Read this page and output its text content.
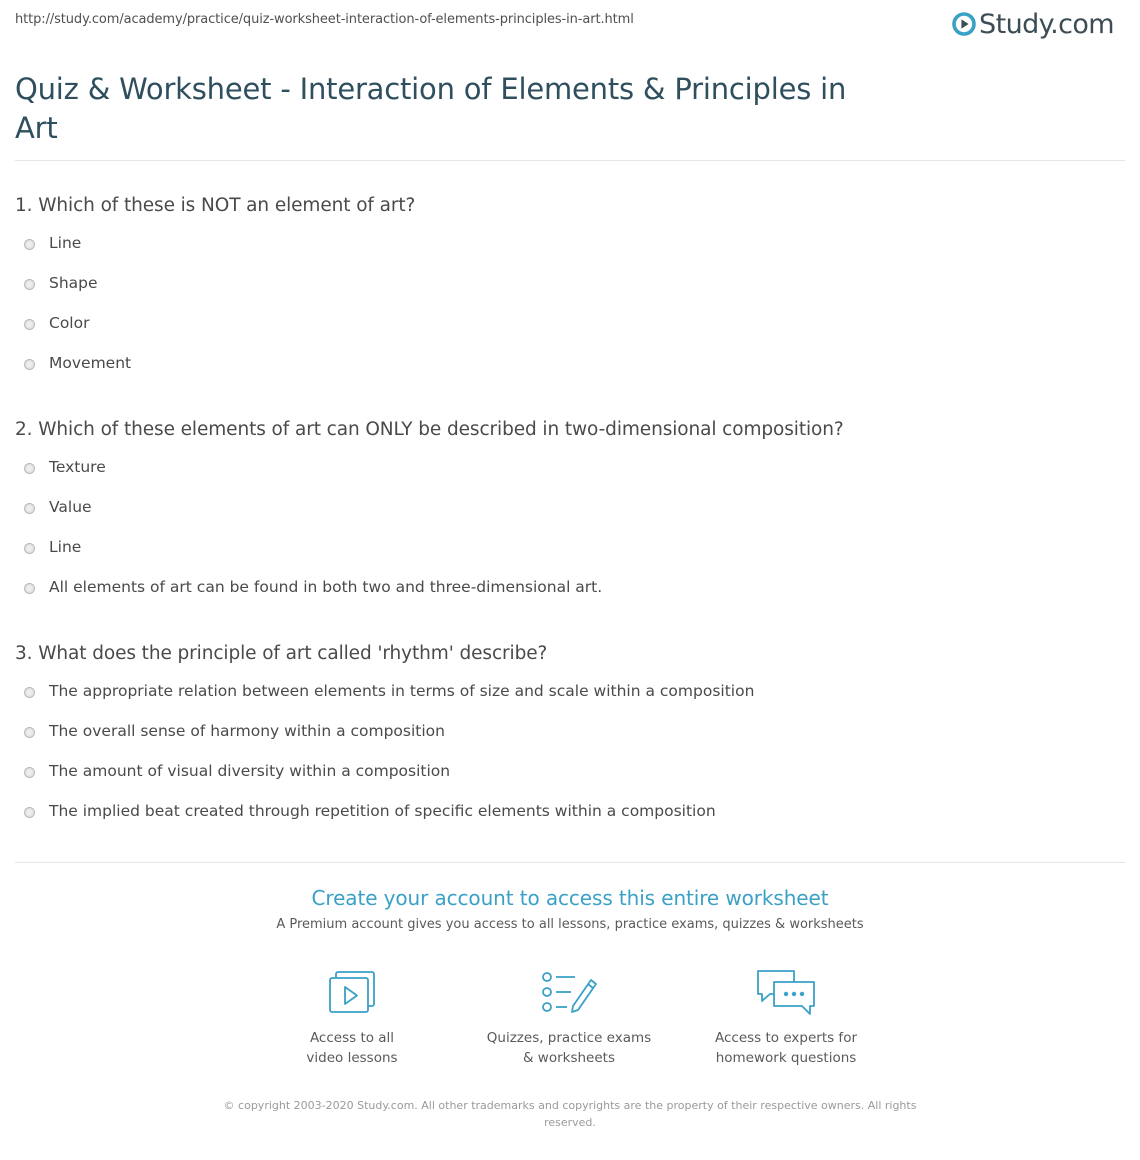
http://study.com/academy/practice/quiz-worksheet-interaction-of-elements-principles-in-art.html	Study.com
Quiz & Worksheet - Interaction of Elements & Principles in Art
1. Which of these is NOT an element of art?
Line
Shape
Color
Movement
2. Which of these elements of art can ONLY be described in two-dimensional composition?
Texture
Value
Line
All elements of art can be found in both two and three-dimensional art.
3. What does the principle of art called 'rhythm' describe?
The appropriate relation between elements in terms of size and scale within a composition
The overall sense of harmony within a composition
The amount of visual diversity within a composition
The implied beat created through repetition of specific elements within a composition
Create your account to access this entire worksheet
A Premium account gives you access to all lessons, practice exams, quizzes & worksheets
Access to all
video lessons
Quizzes, practice exams
& worksheets
Access to experts for
homework questions
© copyright 2003-2020 Study.com. All other trademarks and copyrights are the property of their respective owners. All rights reserved.
